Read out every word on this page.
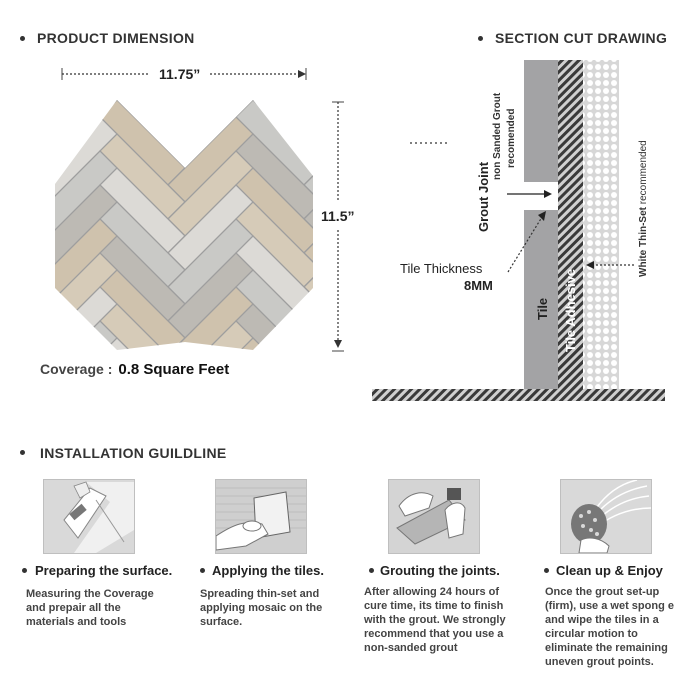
PRODUCT DIMENSION
11.75”
11.5”
Coverage : 0.8 Square Feet
SECTION CUT DRAWING
Grout Joint
non Sanded Grout recomended
Tile Thickness
8MM
Tile Tile Adhesive
White Thin-Set recommended
INSTALLATION GUILDLINE
Preparing the surface.	Applying the tiles.	Grouting the joints.	Clean up & Enjoy
Measuring the Coverage and prepair all the materials and tools
Spreading thin-set and applying mosaic on the surface.
After allowing 24 hours of cure time, its time to finish with the grout. We strongly recommend that you use a non-sanded grout
Once the grout set-up (firm), use a wet spong e and wipe the tiles in a circular motion to eliminate the remaining uneven grout points.
